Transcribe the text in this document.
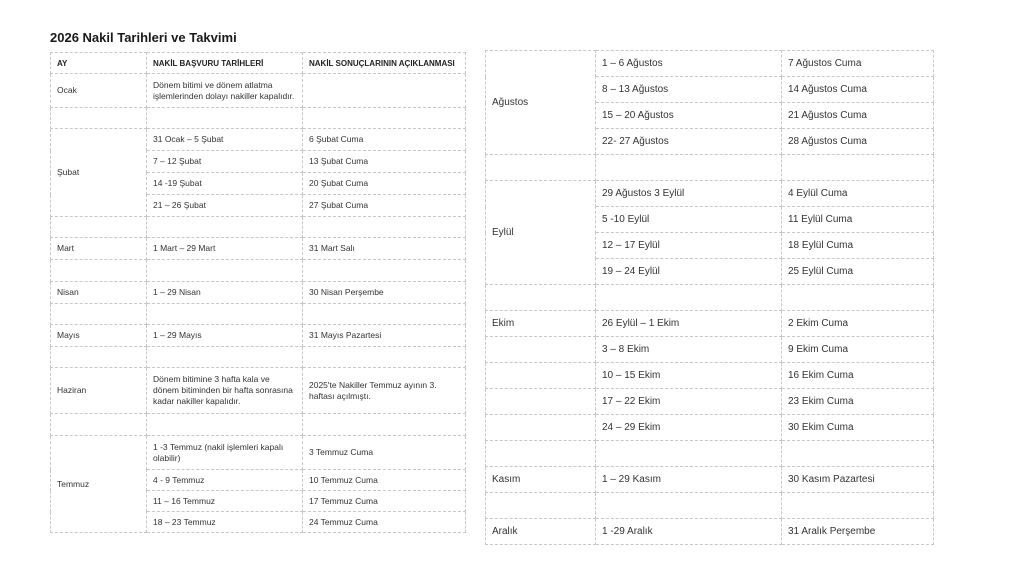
2026 Nakil Tarihleri ve Takvimi
AY	NAKİL BAŞVURU TARİHLERİ	NAKİL SONUÇLARININ AÇIKLANMASI
Ocak	Dönem bitimi ve dönem atlatma işlemlerinden dolayı nakiller kapalıdır.	

Şubat	31 Ocak – 5 Şubat	6 Şubat Cuma
	7 – 12 Şubat	13 Şubat Cuma
	14 -19 Şubat	20 Şubat Cuma
	21 – 26 Şubat	27 Şubat Cuma

Mart	1 Mart – 29 Mart	31 Mart Salı

Nisan	1 – 29 Nisan	30 Nisan Perşembe

Mayıs	1 – 29 Mayıs	31 Mayıs Pazartesi

Haziran	Dönem bitimine 3 hafta kala ve dönem bitiminden bir hafta sonrasına kadar nakiller kapalıdır.	2025'te Nakiller Temmuz ayının 3. haftası açılmıştı.

Temmuz	1 -3 Temmuz (nakil işlemleri kapalı olabilir)	3 Temmuz Cuma
	4 - 9 Temmuz	10 Temmuz Cuma
	11 – 16 Temmuz	17 Temmuz Cuma
	18 – 23 Temmuz	24 Temmuz Cuma
Ağustos	1 – 6 Ağustos	7 Ağustos Cuma
	8 – 13 Ağustos	14 Ağustos Cuma
	15 – 20 Ağustos	21 Ağustos Cuma
	22- 27 Ağustos	28 Ağustos Cuma

Eylül	29 Ağustos 3 Eylül	4 Eylül Cuma
	5 -10 Eylül	11 Eylül Cuma
	12 – 17 Eylül	18 Eylül Cuma
	19 – 24 Eylül	25 Eylül Cuma

Ekim	26 Eylül – 1 Ekim	2 Ekim Cuma
	3 – 8 Ekim	9 Ekim Cuma
	10 – 15 Ekim	16 Ekim Cuma
	17 – 22 Ekim	23 Ekim Cuma
	24 – 29 Ekim	30 Ekim Cuma

Kasım	1 – 29 Kasım	30 Kasım Pazartesi

Aralık	1 -29 Aralık	31 Aralık Perşembe
